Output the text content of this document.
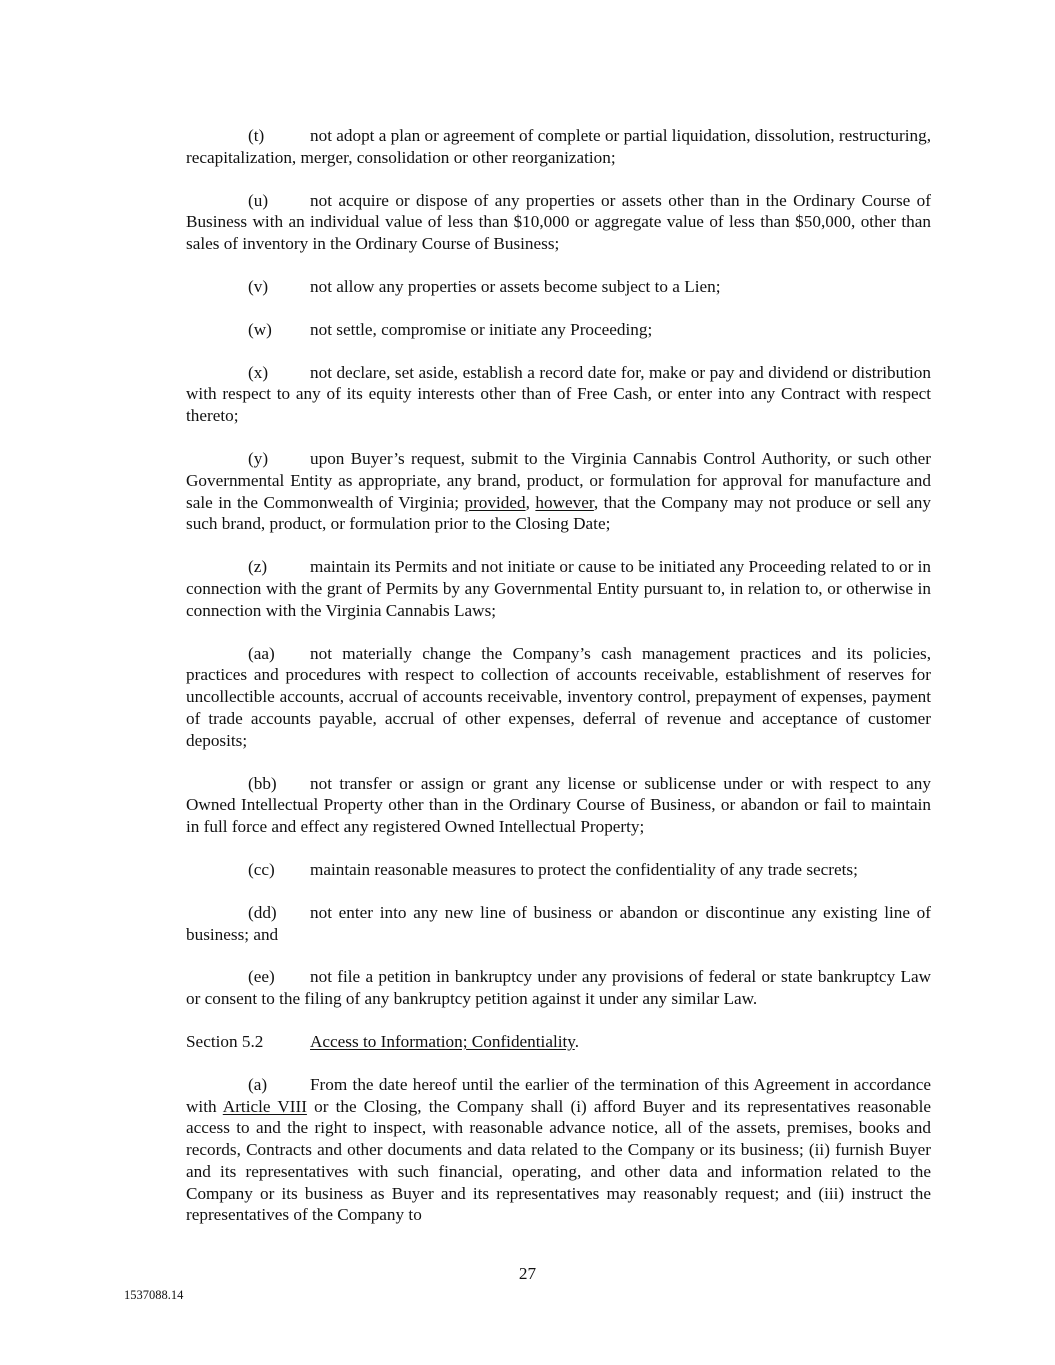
(t)	not adopt a plan or agreement of complete or partial liquidation, dissolution, restructuring, recapitalization, merger, consolidation or other reorganization;

(u) not acquire or dispose of any properties or assets other than in the Ordinary Course of Business with an individual value of less than $10,000 or aggregate value of less than $50,000, other than sales of inventory in the Ordinary Course of Business;

(v) not allow any properties or assets become subject to a Lien;

(w) not settle, compromise or initiate any Proceeding;

(x) not declare, set aside, establish a record date for, make or pay and dividend or distribution with respect to any of its equity interests other than of Free Cash, or enter into any Contract with respect thereto;

(y) upon Buyer’s request, submit to the Virginia Cannabis Control Authority, or such other Governmental Entity as appropriate, any brand, product, or formulation for approval for manufacture and sale in the Commonwealth of Virginia; provided, however, that the Company may not produce or sell any such brand, product, or formulation prior to the Closing Date;

(z) maintain its Permits and not initiate or cause to be initiated any Proceeding related to or in connection with the grant of Permits by any Governmental Entity pursuant to, in relation to, or otherwise in connection with the Virginia Cannabis Laws;

(aa) not materially change the Company’s cash management practices and its policies, practices and procedures with respect to collection of accounts receivable, establishment of reserves for uncollectible accounts, accrual of accounts receivable, inventory control, prepayment of expenses, payment of trade accounts payable, accrual of other expenses, deferral of revenue and acceptance of customer deposits;

(bb) not transfer or assign or grant any license or sublicense under or with respect to any Owned Intellectual Property other than in the Ordinary Course of Business, or abandon or fail to maintain in full force and effect any registered Owned Intellectual Property;

(cc) maintain reasonable measures to protect the confidentiality of any trade secrets;

(dd) not enter into any new line of business or abandon or discontinue any existing line of business; and

(ee) not file a petition in bankruptcy under any provisions of federal or state bankruptcy Law or consent to the filing of any bankruptcy petition against it under any similar Law.

Section 5.2	Access to Information; Confidentiality.

(a) From the date hereof until the earlier of the termination of this Agreement in accordance with Article VIII or the Closing, the Company shall (i) afford Buyer and its representatives reasonable access to and the right to inspect, with reasonable advance notice, all of the assets, premises, books and records, Contracts and other documents and data related to the Company or its business; (ii) furnish Buyer and its representatives with such financial, operating, and other data and information related to the Company or its business as Buyer and its representatives may reasonably request; and (iii) instruct the representatives of the Company to

27
1537088.14
